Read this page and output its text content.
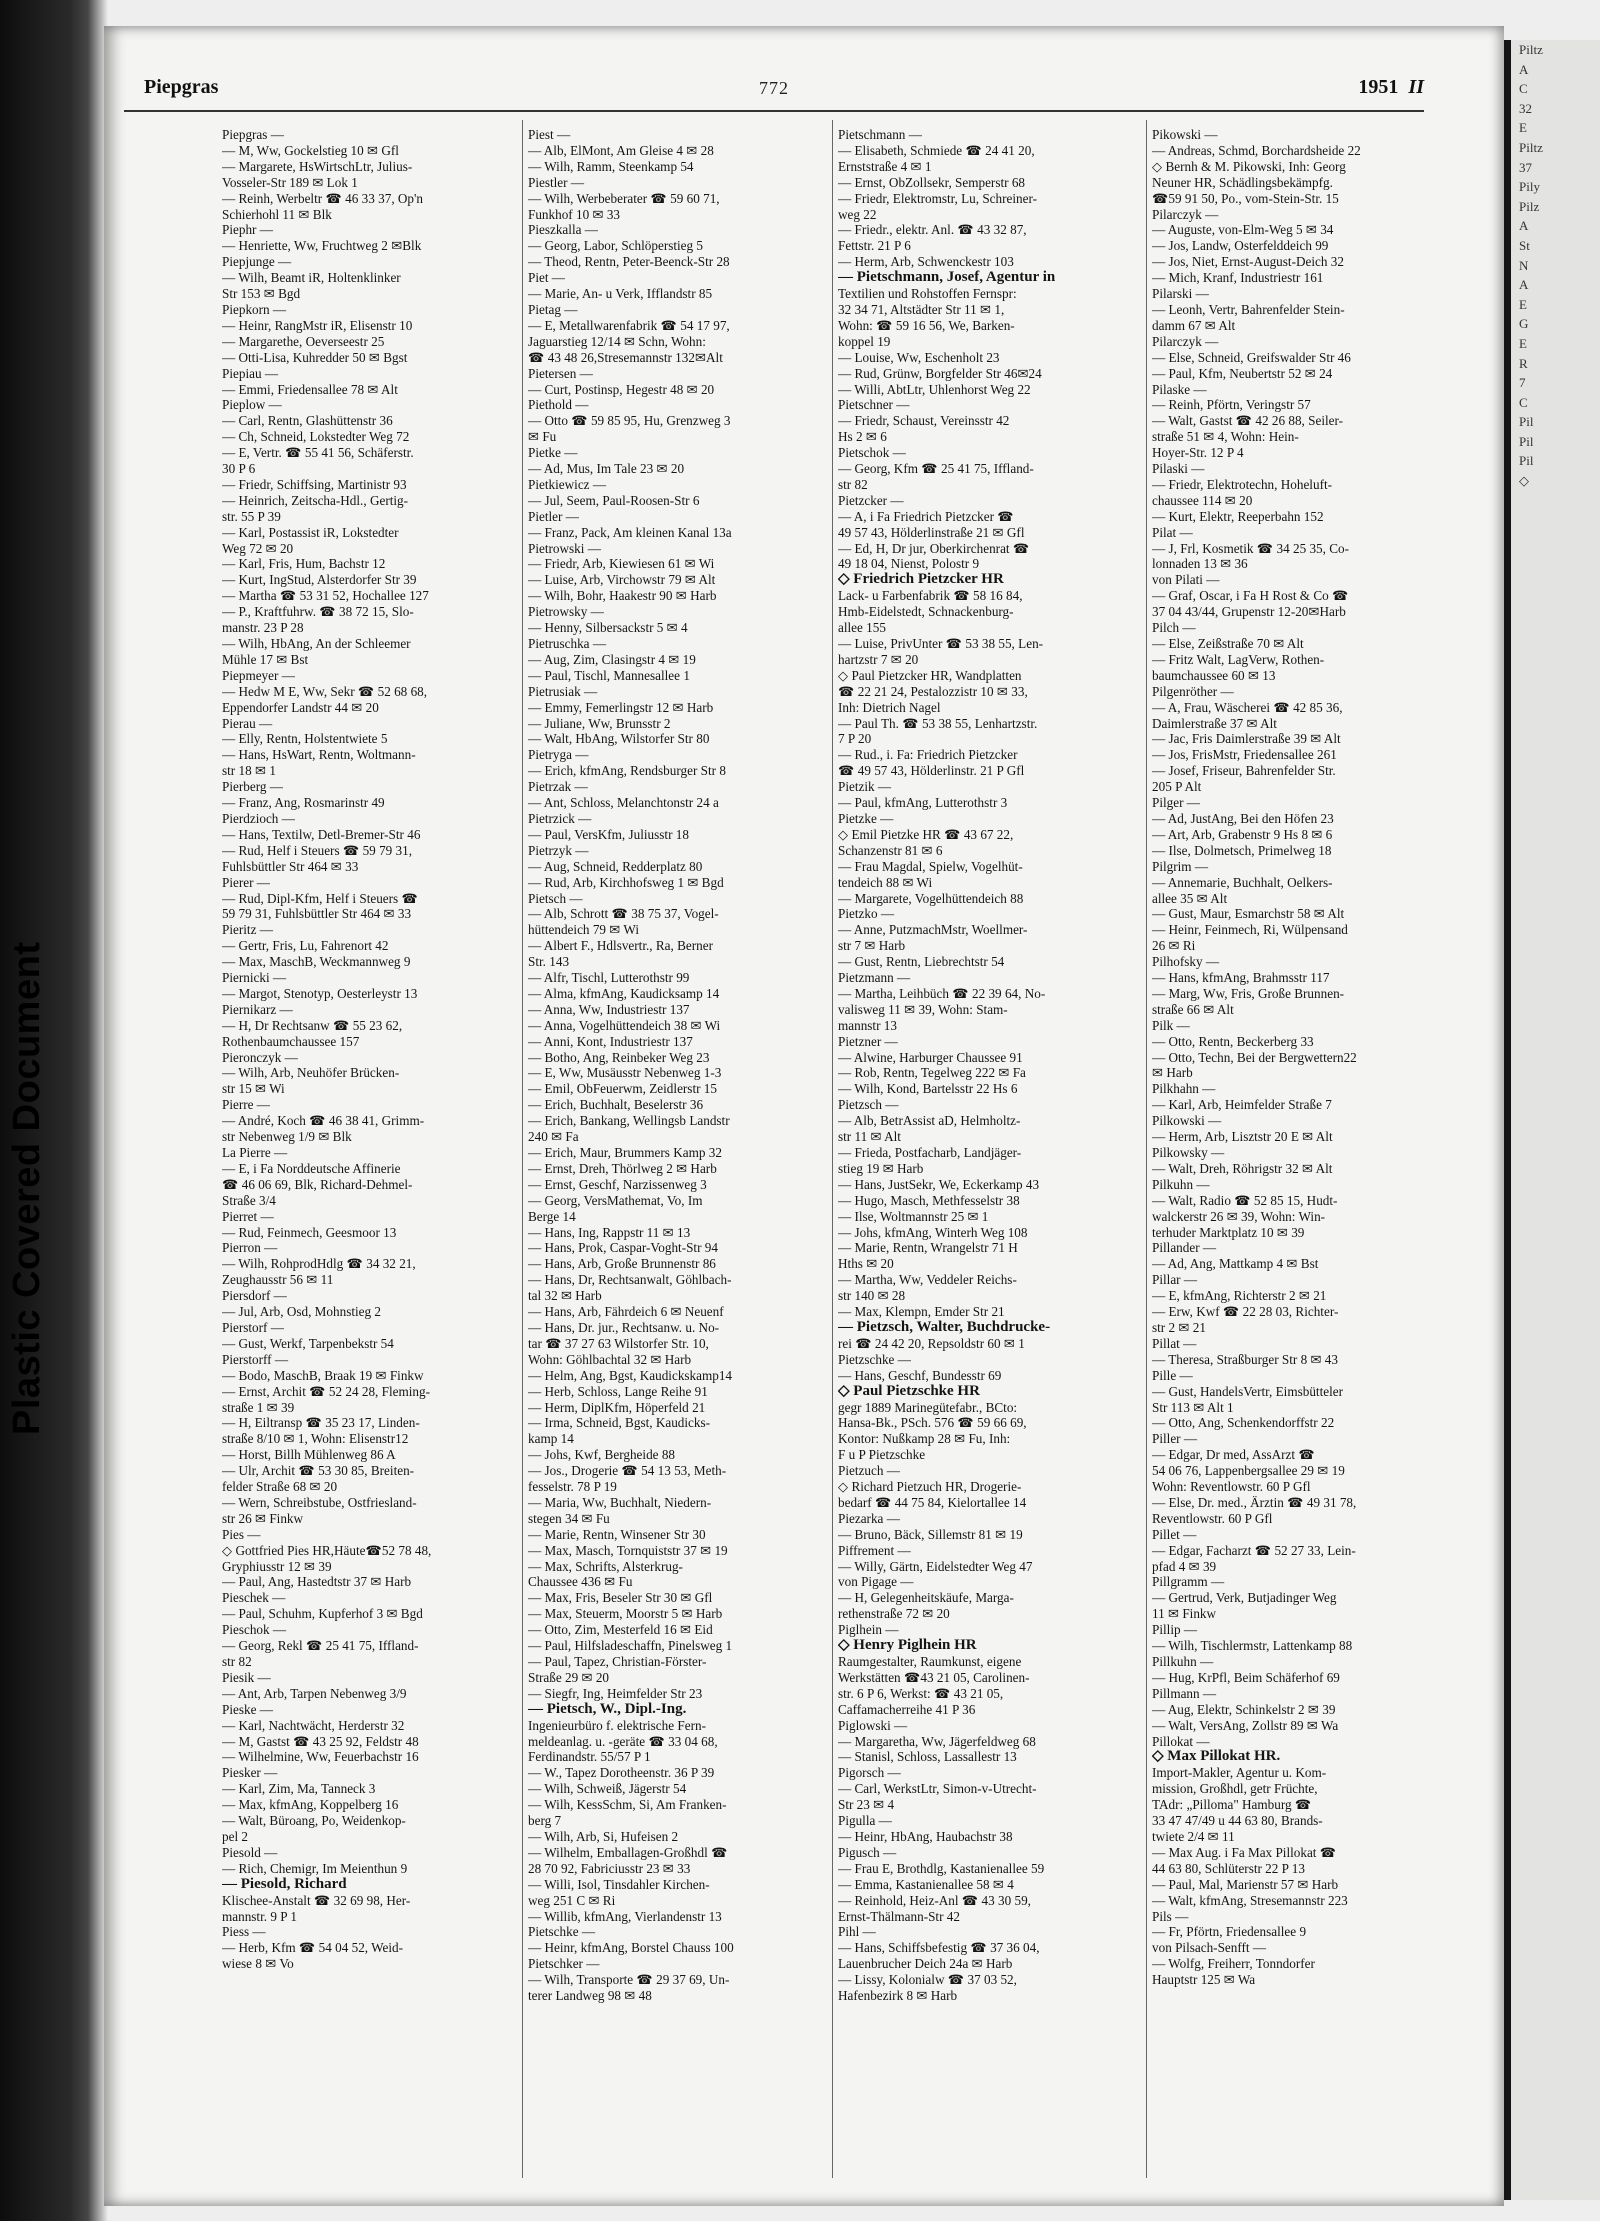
Piltz
A
C
32
E
Piltz
37
Pily
Pilz
A
St
N
A
E
G
E
R
7
C
Pil
Pil
Pil
◇
Plastic Covered Document
Piepgras	772	1951 II

Piepgras —

— M, Ww, Gockelstieg 10 ✉ Gfl

— Margarete, HsWirtschLtr, Julius-

Vosseler-Str 189 ✉ Lok 1

— Reinh, Werbeltr ☎ 46 33 37, Op'n

Schierhohl 11 ✉ Blk

Piephr —

— Henriette, Ww, Fruchtweg 2 ✉Blk

Piepjunge —

— Wilh, Beamt iR, Holtenklinker

Str 153 ✉ Bgd

Piepkorn —

— Heinr, RangMstr iR, Elisenstr 10

— Margarethe, Oeverseestr 25

— Otti-Lisa, Kuhredder 50 ✉ Bgst

Piepiau —

— Emmi, Friedensallee 78 ✉ Alt

Pieplow —

— Carl, Rentn, Glashüttenstr 36

— Ch, Schneid, Lokstedter Weg 72

— E, Vertr. ☎ 55 41 56, Schäferstr.

30 P 6

— Friedr, Schiffsing, Martinistr 93

— Heinrich, Zeitscha-Hdl., Gertig-

str. 55 P 39

— Karl, Postassist iR, Lokstedter

Weg 72 ✉ 20

— Karl, Fris, Hum, Bachstr 12

— Kurt, IngStud, Alsterdorfer Str 39

— Martha ☎ 53 31 52, Hochallee 127

— P., Kraftfuhrw. ☎ 38 72 15, Slo-

manstr. 23 P 28

— Wilh, HbAng, An der Schleemer

Mühle 17 ✉ Bst

Piepmeyer —

— Hedw M E, Ww, Sekr ☎ 52 68 68,

Eppendorfer Landstr 44 ✉ 20

Pierau —

— Elly, Rentn, Holstentwiete 5

— Hans, HsWart, Rentn, Woltmann-

str 18 ✉ 1

Pierberg —

— Franz, Ang, Rosmarinstr 49

Pierdzioch —

— Hans, Textilw, Detl-Bremer-Str 46

— Rud, Helf i Steuers ☎ 59 79 31,

Fuhlsbüttler Str 464 ✉ 33

Pierer —

— Rud, Dipl-Kfm, Helf i Steuers ☎

59 79 31, Fuhlsbüttler Str 464 ✉ 33

Pieritz —

— Gertr, Fris, Lu, Fahrenort 42

— Max, MaschB, Weckmannweg 9

Piernicki —

— Margot, Stenotyp, Oesterleystr 13

Piernikarz —

— H, Dr Rechtsanw ☎ 55 23 62,

Rothenbaumchaussee 157

Pieronczyk —

— Wilh, Arb, Neuhöfer Brücken-

str 15 ✉ Wi

Pierre —

— André, Koch ☎ 46 38 41, Grimm-

str Nebenweg 1/9 ✉ Blk

La Pierre —

— E, i Fa Norddeutsche Affinerie

☎ 46 06 69, Blk, Richard-Dehmel-

Straße 3/4

Pierret —

— Rud, Feinmech, Geesmoor 13

Pierron —

— Wilh, RohprodHdlg ☎ 34 32 21,

Zeughausstr 56 ✉ 11

Piersdorf —

— Jul, Arb, Osd, Mohnstieg 2

Pierstorf —

— Gust, Werkf, Tarpenbekstr 54

Pierstorff —

— Bodo, MaschB, Braak 19 ✉ Finkw

— Ernst, Archit ☎ 52 24 28, Fleming-

straße 1 ✉ 39

— H, Eiltransp ☎ 35 23 17, Linden-

straße 8/10 ✉ 1, Wohn: Elisenstr12

— Horst, Billh Mühlenweg 86 A

— Ulr, Archit ☎ 53 30 85, Breiten-

felder Straße 68 ✉ 20

— Wern, Schreibstube, Ostfriesland-

str 26 ✉ Finkw

Pies —

◇ Gottfried Pies HR,Häute☎52 78 48,

Gryphiusstr 12 ✉ 39

— Paul, Ang, Hastedtstr 37 ✉ Harb

Pieschek —

— Paul, Schuhm, Kupferhof 3 ✉ Bgd

Pieschok —

— Georg, Rekl ☎ 25 41 75, Iffland-

str 82

Piesik —

— Ant, Arb, Tarpen Nebenweg 3/9

Pieske —

— Karl, Nachtwächt, Herderstr 32

— M, Gastst ☎ 43 25 92, Feldstr 48

— Wilhelmine, Ww, Feuerbachstr 16

Piesker —

— Karl, Zim, Ma, Tanneck 3

— Max, kfmAng, Koppelberg 16

— Walt, Büroang, Po, Weidenkop-

pel 2

Piesold —

— Rich, Chemigr, Im Meienthun 9

— Piesold, Richard

Klischee-Anstalt ☎ 32 69 98, Her-

mannstr. 9 P 1

Piess —

— Herb, Kfm ☎ 54 04 52, Weid-

wiese 8 ✉ Vo

Piest —

— Alb, ElMont, Am Gleise 4 ✉ 28

— Wilh, Ramm, Steenkamp 54

Piestler —

— Wilh, Werbeberater ☎ 59 60 71,

Funkhof 10 ✉ 33

Pieszkalla —

— Georg, Labor, Schlöperstieg 5

— Theod, Rentn, Peter-Beenck-Str 28

Piet —

— Marie, An- u Verk, Ifflandstr 85

Pietag —

— E, Metallwarenfabrik ☎ 54 17 97,

Jaguarstieg 12/14 ✉ Schn, Wohn:

☎ 43 48 26,Stresemannstr 132✉Alt

Pietersen —

— Curt, Postinsp, Hegestr 48 ✉ 20

Piethold —

— Otto ☎ 59 85 95, Hu, Grenzweg 3

✉ Fu

Pietke —

— Ad, Mus, Im Tale 23 ✉ 20

Pietkiewicz —

— Jul, Seem, Paul-Roosen-Str 6

Pietler —

— Franz, Pack, Am kleinen Kanal 13a

Pietrowski —

— Friedr, Arb, Kiewiesen 61 ✉ Wi

— Luise, Arb, Virchowstr 79 ✉ Alt

— Wilh, Bohr, Haakestr 90 ✉ Harb

Pietrowsky —

— Henny, Silbersackstr 5 ✉ 4

Pietruschka —

— Aug, Zim, Clasingstr 4 ✉ 19

— Paul, Tischl, Mannesallee 1

Pietrusiak —

— Emmy, Femerlingstr 12 ✉ Harb

— Juliane, Ww, Brunsstr 2

— Walt, HbAng, Wilstorfer Str 80

Pietryga —

— Erich, kfmAng, Rendsburger Str 8

Pietrzak —

— Ant, Schloss, Melanchtonstr 24 a

Pietrzick —

— Paul, VersKfm, Juliusstr 18

Pietrzyk —

— Aug, Schneid, Redderplatz 80

— Rud, Arb, Kirchhofsweg 1 ✉ Bgd

Pietsch —

— Alb, Schrott ☎ 38 75 37, Vogel-

hüttendeich 79 ✉ Wi

— Albert F., Hdlsvertr., Ra, Berner

Str. 143

— Alfr, Tischl, Lutterothstr 99

— Alma, kfmAng, Kaudicksamp 14

— Anna, Ww, Industriestr 137

— Anna, Vogelhüttendeich 38 ✉ Wi

— Anni, Kont, Industriestr 137

— Botho, Ang, Reinbeker Weg 23

— E, Ww, Musäusstr Nebenweg 1-3

— Emil, ObFeuerwm, Zeidlerstr 15

— Erich, Buchhalt, Beselerstr 36

— Erich, Bankang, Wellingsb Landstr

240 ✉ Fa

— Erich, Maur, Brummers Kamp 32

— Ernst, Dreh, Thörlweg 2 ✉ Harb

— Ernst, Geschf, Narzissenweg 3

— Georg, VersMathemat, Vo, Im

Berge 14

— Hans, Ing, Rappstr 11 ✉ 13

— Hans, Prok, Caspar-Voght-Str 94

— Hans, Arb, Große Brunnenstr 86

— Hans, Dr, Rechtsanwalt, Göhlbach-

tal 32 ✉ Harb

— Hans, Arb, Fährdeich 6 ✉ Neuenf

— Hans, Dr. jur., Rechtsanw. u. No-

tar ☎ 37 27 63 Wilstorfer Str. 10,

Wohn: Göhlbachtal 32 ✉ Harb

— Helm, Ang, Bgst, Kaudickskamp14

— Herb, Schloss, Lange Reihe 91

— Herm, DiplKfm, Höperfeld 21

— Irma, Schneid, Bgst, Kaudicks-

kamp 14

— Johs, Kwf, Bergheide 88

— Jos., Drogerie ☎ 54 13 53, Meth-

fesselstr. 78 P 19

— Maria, Ww, Buchhalt, Niedern-

stegen 34 ✉ Fu

— Marie, Rentn, Winsener Str 30

— Max, Masch, Tornquiststr 37 ✉ 19

— Max, Schrifts, Alsterkrug-

Chaussee 436 ✉ Fu

— Max, Fris, Beseler Str 30 ✉ Gfl

— Max, Steuerm, Moorstr 5 ✉ Harb

— Otto, Zim, Mesterfeld 16 ✉ Eid

— Paul, Hilfsladeschaffn, Pinelsweg 1

— Paul, Tapez, Christian-Förster-

Straße 29 ✉ 20

— Siegfr, Ing, Heimfelder Str 23

— Pietsch, W., Dipl.-Ing.

Ingenieurbüro f. elektrische Fern-

meldeanlag. u. -geräte ☎ 33 04 68,

Ferdinandstr. 55/57 P 1

— W., Tapez Dorotheenstr. 36 P 39

— Wilh, Schweiß, Jägerstr 54

— Wilh, KessSchm, Si, Am Franken-

berg 7

— Wilh, Arb, Si, Hufeisen 2

— Wilhelm, Emballagen-Großhdl ☎

28 70 92, Fabriciusstr 23 ✉ 33

— Willi, Isol, Tinsdahler Kirchen-

weg 251 C ✉ Ri

— Willib, kfmAng, Vierlandenstr 13

Pietschke —

— Heinr, kfmAng, Borstel Chauss 100

Pietschker —

— Wilh, Transporte ☎ 29 37 69, Un-

terer Landweg 98 ✉ 48

Pietschmann —

— Elisabeth, Schmiede ☎ 24 41 20,

Ernststraße 4 ✉ 1

— Ernst, ObZollsekr, Semperstr 68

— Friedr, Elektromstr, Lu, Schreiner-

weg 22

— Friedr., elektr. Anl. ☎ 43 32 87,

Fettstr. 21 P 6

— Herm, Arb, Schwenckestr 103

— Pietschmann, Josef, Agentur in

Textilien und Rohstoffen Fernspr:

32 34 71, Altstädter Str 11 ✉ 1,

Wohn: ☎ 59 16 56, We, Barken-

koppel 19

— Louise, Ww, Eschenholt 23

— Rud, Grünw, Borgfelder Str 46✉24

— Willi, AbtLtr, Uhlenhorst Weg 22

Pietschner —

— Friedr, Schaust, Vereinsstr 42

Hs 2 ✉ 6

Pietschok —

— Georg, Kfm ☎ 25 41 75, Iffland-

str 82

Pietzcker —

— A, i Fa Friedrich Pietzcker ☎

49 57 43, Hölderlinstraße 21 ✉ Gfl

— Ed, H, Dr jur, Oberkirchenrat ☎

49 18 04, Nienst, Polostr 9

◇ Friedrich Pietzcker HR

Lack- u Farbenfabrik ☎ 58 16 84,

Hmb-Eidelstedt, Schnackenburg-

allee 155

— Luise, PrivUnter ☎ 53 38 55, Len-

hartzstr 7 ✉ 20

◇ Paul Pietzcker HR, Wandplatten

☎ 22 21 24, Pestalozzistr 10 ✉ 33,

Inh: Dietrich Nagel

— Paul Th. ☎ 53 38 55, Lenhartzstr.

7 P 20

— Rud., i. Fa: Friedrich Pietzcker

☎ 49 57 43, Hölderlinstr. 21 P Gfl

Pietzik —

— Paul, kfmAng, Lutterothstr 3

Pietzke —

◇ Emil Pietzke HR ☎ 43 67 22,

Schanzenstr 81 ✉ 6

— Frau Magdal, Spielw, Vogelhüt-

tendeich 88 ✉ Wi

— Margarete, Vogelhüttendeich 88

Pietzko —

— Anne, PutzmachMstr, Woellmer-

str 7 ✉ Harb

— Gust, Rentn, Liebrechtstr 54

Pietzmann —

— Martha, Leihbüch ☎ 22 39 64, No-

valisweg 11 ✉ 39, Wohn: Stam-

mannstr 13

Pietzner —

— Alwine, Harburger Chaussee 91

— Rob, Rentn, Tegelweg 222 ✉ Fa

— Wilh, Kond, Bartelsstr 22 Hs 6

Pietzsch —

— Alb, BetrAssist aD, Helmholtz-

str 11 ✉ Alt

— Frieda, Postfacharb, Landjäger-

stieg 19 ✉ Harb

— Hans, JustSekr, We, Eckerkamp 43

— Hugo, Masch, Methfesselstr 38

— Ilse, Woltmannstr 25 ✉ 1

— Johs, kfmAng, Winterh Weg 108

— Marie, Rentn, Wrangelstr 71 H

Hths ✉ 20

— Martha, Ww, Veddeler Reichs-

str 140 ✉ 28

— Max, Klempn, Emder Str 21

— Pietzsch, Walter, Buchdrucke-

rei ☎ 24 42 20, Repsoldstr 60 ✉ 1

Pietzschke —

— Hans, Geschf, Bundesstr 69

◇ Paul Pietzschke HR

gegr 1889 Marinegütefabr., BCto:

Hansa-Bk., PSch. 576 ☎ 59 66 69,

Kontor: Nußkamp 28 ✉ Fu, Inh:

F u P Pietzschke

Pietzuch —

◇ Richard Pietzuch HR, Drogerie-

bedarf ☎ 44 75 84, Kielortallee 14

Piezarka —

— Bruno, Bäck, Sillemstr 81 ✉ 19

Piffrement —

— Willy, Gärtn, Eidelstedter Weg 47

von Pigage —

— H, Gelegenheitskäufe, Marga-

rethenstraße 72 ✉ 20

Piglhein —

◇ Henry Piglhein HR

Raumgestalter, Raumkunst, eigene

Werkstätten ☎43 21 05, Carolinen-

str. 6 P 6, Werkst: ☎ 43 21 05,

Caffamacherreihe 41 P 36

Piglowski —

— Margaretha, Ww, Jägerfeldweg 68

— Stanisl, Schloss, Lassallestr 13

Pigorsch —

— Carl, WerkstLtr, Simon-v-Utrecht-

Str 23 ✉ 4

Pigulla —

— Heinr, HbAng, Haubachstr 38

Pigusch —

— Frau E, Brothdlg, Kastanienallee 59

— Emma, Kastanienallee 58 ✉ 4

— Reinhold, Heiz-Anl ☎ 43 30 59,

Ernst-Thälmann-Str 42

Pihl —

— Hans, Schiffsbefestig ☎ 37 36 04,

Lauenbrucher Deich 24a ✉ Harb

— Lissy, Kolonialw ☎ 37 03 52,

Hafenbezirk 8 ✉ Harb

Pikowski —

— Andreas, Schmd, Borchardsheide 22

◇ Bernh & M. Pikowski, Inh: Georg

Neuner HR, Schädlingsbekämpfg.

☎59 91 50, Po., vom-Stein-Str. 15

Pilarczyk —

— Auguste, von-Elm-Weg 5 ✉ 34

— Jos, Landw, Osterfelddeich 99

— Jos, Niet, Ernst-August-Deich 32

— Mich, Kranf, Industriestr 161

Pilarski —

— Leonh, Vertr, Bahrenfelder Stein-

damm 67 ✉ Alt

Pilarczyk —

— Else, Schneid, Greifswalder Str 46

— Paul, Kfm, Neubertstr 52 ✉ 24

Pilaske —

— Reinh, Pförtn, Veringstr 57

— Walt, Gastst ☎ 42 26 88, Seiler-

straße 51 ✉ 4, Wohn: Hein-

Hoyer-Str. 12 P 4

Pilaski —

— Friedr, Elektrotechn, Hoheluft-

chaussee 114 ✉ 20

— Kurt, Elektr, Reeperbahn 152

Pilat —

— J, Frl, Kosmetik ☎ 34 25 35, Co-

lonnaden 13 ✉ 36

von Pilati —

— Graf, Oscar, i Fa H Rost & Co ☎

37 04 43/44, Grupenstr 12-20✉Harb

Pilch —

— Else, Zeißstraße 70 ✉ Alt

— Fritz Walt, LagVerw, Rothen-

baumchaussee 60 ✉ 13

Pilgenröther —

— A, Frau, Wäscherei ☎ 42 85 36,

Daimlerstraße 37 ✉ Alt

— Jac, Fris Daimlerstraße 39 ✉ Alt

— Jos, FrisMstr, Friedensallee 261

— Josef, Friseur, Bahrenfelder Str.

205 P Alt

Pilger —

— Ad, JustAng, Bei den Höfen 23

— Art, Arb, Grabenstr 9 Hs 8 ✉ 6

— Ilse, Dolmetsch, Primelweg 18

Pilgrim —

— Annemarie, Buchhalt, Oelkers-

allee 35 ✉ Alt

— Gust, Maur, Esmarchstr 58 ✉ Alt

— Heinr, Feinmech, Ri, Wülpensand

26 ✉ Ri

Pilhofsky —

— Hans, kfmAng, Brahmsstr 117

— Marg, Ww, Fris, Große Brunnen-

straße 66 ✉ Alt

Pilk —

— Otto, Rentn, Beckerberg 33

— Otto, Techn, Bei der Bergwettern22

✉ Harb

Pilkhahn —

— Karl, Arb, Heimfelder Straße 7

Pilkowski —

— Herm, Arb, Lisztstr 20 E ✉ Alt

Pilkowsky —

— Walt, Dreh, Röhrigstr 32 ✉ Alt

Pilkuhn —

— Walt, Radio ☎ 52 85 15, Hudt-

walckerstr 26 ✉ 39, Wohn: Win-

terhuder Marktplatz 10 ✉ 39

Pillander —

— Ad, Ang, Mattkamp 4 ✉ Bst

Pillar —

— E, kfmAng, Richterstr 2 ✉ 21

— Erw, Kwf ☎ 22 28 03, Richter-

str 2 ✉ 21

Pillat —

— Theresa, Straßburger Str 8 ✉ 43

Pille —

— Gust, HandelsVertr, Eimsbütteler

Str 113 ✉ Alt 1

— Otto, Ang, Schenkendorffstr 22

Piller —

— Edgar, Dr med, AssArzt ☎

54 06 76, Lappenbergsallee 29 ✉ 19

Wohn: Reventlowstr. 60 P Gfl

— Else, Dr. med., Ärztin ☎ 49 31 78,

Reventlowstr. 60 P Gfl

Pillet —

— Edgar, Facharzt ☎ 52 27 33, Lein-

pfad 4 ✉ 39

Pillgramm —

— Gertrud, Verk, Butjadinger Weg

11 ✉ Finkw

Pillip —

— Wilh, Tischlermstr, Lattenkamp 88

Pillkuhn —

— Hug, KrPfl, Beim Schäferhof 69

Pillmann —

— Aug, Elektr, Schinkelstr 2 ✉ 39

— Walt, VersAng, Zollstr 89 ✉ Wa

Pillokat —

◇ Max Pillokat HR.

Import-Makler, Agentur u. Kom-

mission, Großhdl, getr Früchte,

TAdr: „Pilloma" Hamburg ☎

33 47 47/49 u 44 63 80, Brands-

twiete 2/4 ✉ 11

— Max Aug. i Fa Max Pillokat ☎

44 63 80, Schlüterstr 22 P 13

— Paul, Mal, Marienstr 57 ✉ Harb

— Walt, kfmAng, Stresemannstr 223

Pils —

— Fr, Pförtn, Friedensallee 9

von Pilsach-Senfft —

— Wolfg, Freiherr, Tonndorfer

Hauptstr 125 ✉ Wa
